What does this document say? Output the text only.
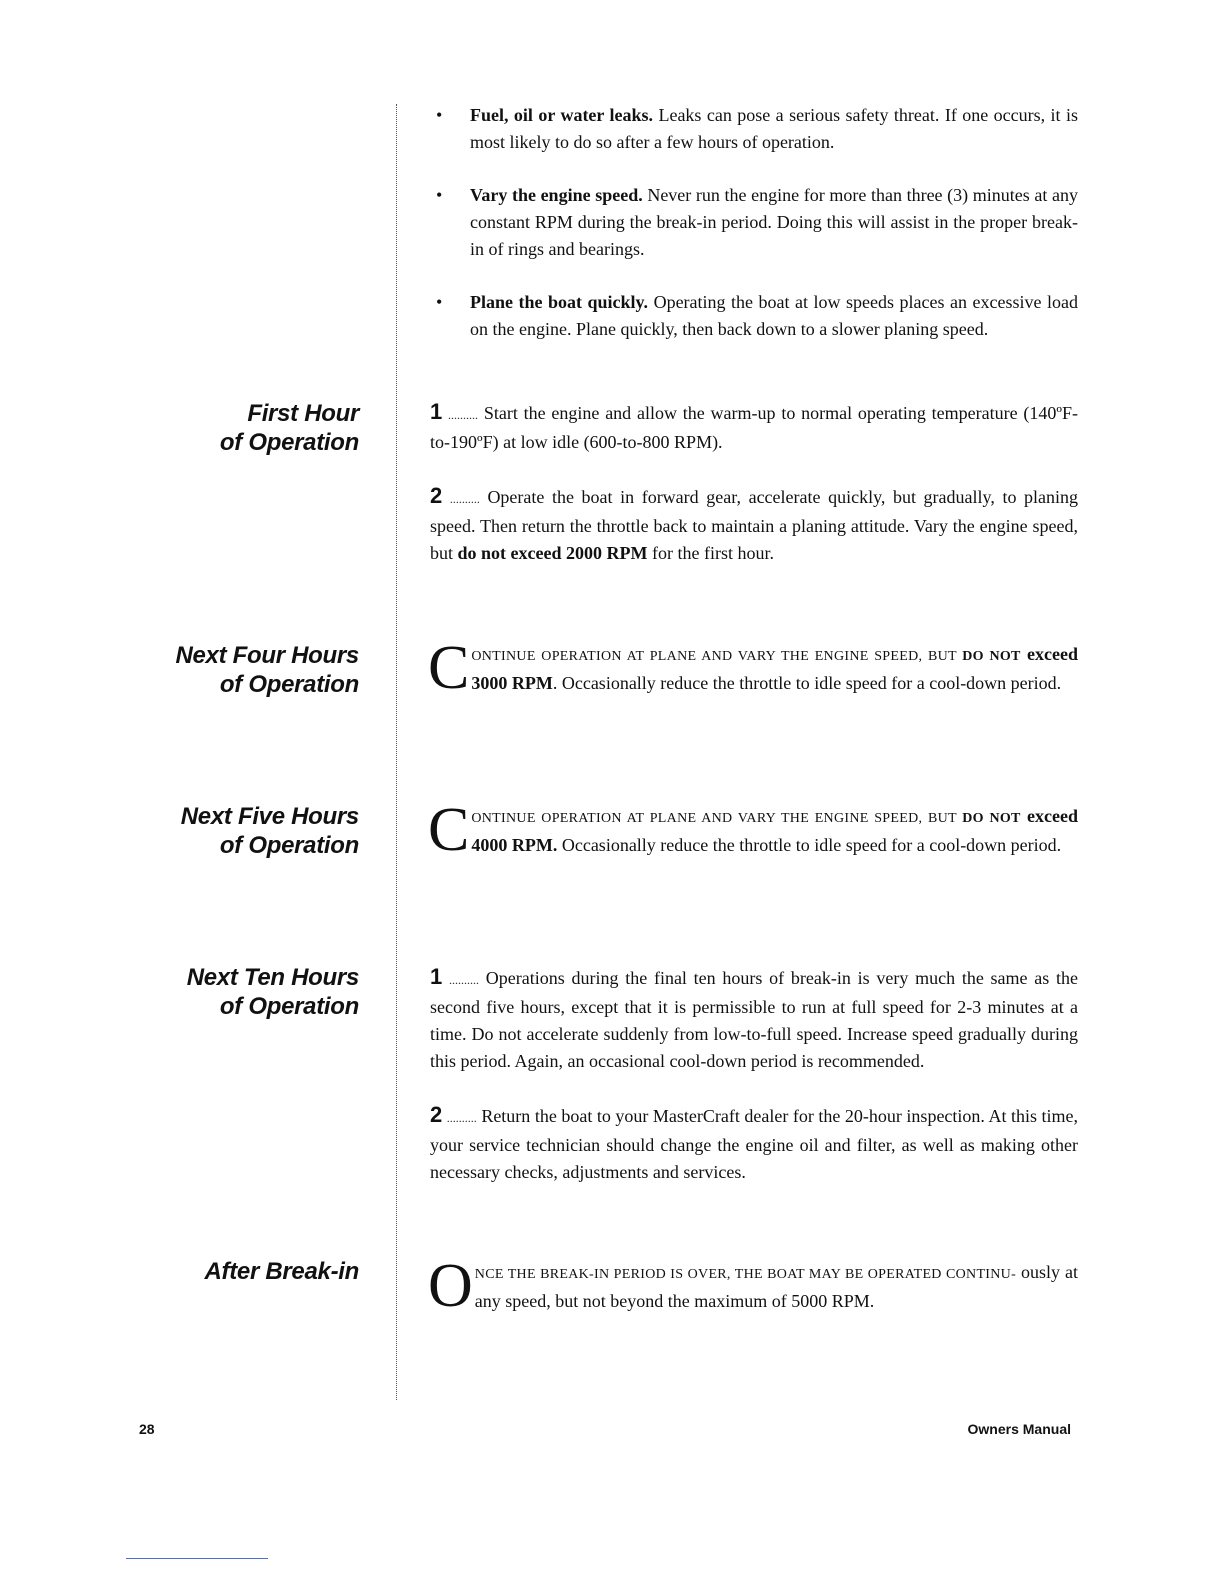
• Fuel, oil or water leaks. Leaks can pose a serious safety threat. If one occurs, it is most likely to do so after a few hours of operation.
• Vary the engine speed. Never run the engine for more than three (3) minutes at any constant RPM during the break-in period. Doing this will assist in the proper break-in of rings and bearings.
• Plane the boat quickly. Operating the boat at low speeds places an excessive load on the engine. Plane quickly, then back down to a slower planing speed.
First Hour
of Operation
1 .......... Start the engine and allow the warm-up to normal operating temperature (140ºF-to-190ºF) at low idle (600-to-800 RPM).
2 .......... Operate the boat in forward gear, accelerate quickly, but gradually, to planing speed. Then return the throttle back to maintain a planing attitude. Vary the engine speed, but do not exceed 2000 RPM for the first hour.
Next Four Hours
of Operation C ONTINUE OPERATION AT PLANE AND VARY THE ENGINE SPEED, BUT DO NOT exceed 3000 RPM. Occasionally reduce the throttle to idle speed for a cool-down period.
Next Five Hours
of Operation C ONTINUE OPERATION AT PLANE AND VARY THE ENGINE SPEED, BUT DO NOT exceed 4000 RPM. Occasionally reduce the throttle to idle speed for a cool-down period.
Next Ten Hours
of Operation
1 .......... Operations during the final ten hours of break-in is very much the same as the second five hours, except that it is permissible to run at full speed for 2-3 minutes at a time. Do not accelerate suddenly from low-to-full speed. Increase speed gradually during this period. Again, an occasional cool-down period is recommended.
2 .......... Return the boat to your MasterCraft dealer for the 20-hour inspection. At this time, your service technician should change the engine oil and filter, as well as making other necessary checks, adjustments and services.
After Break-in O NCE THE BREAK-IN PERIOD IS OVER, THE BOAT MAY BE OPERATED CONTINU- ously at any speed, but not beyond the maximum of 5000 RPM.
28	Owners Manual
